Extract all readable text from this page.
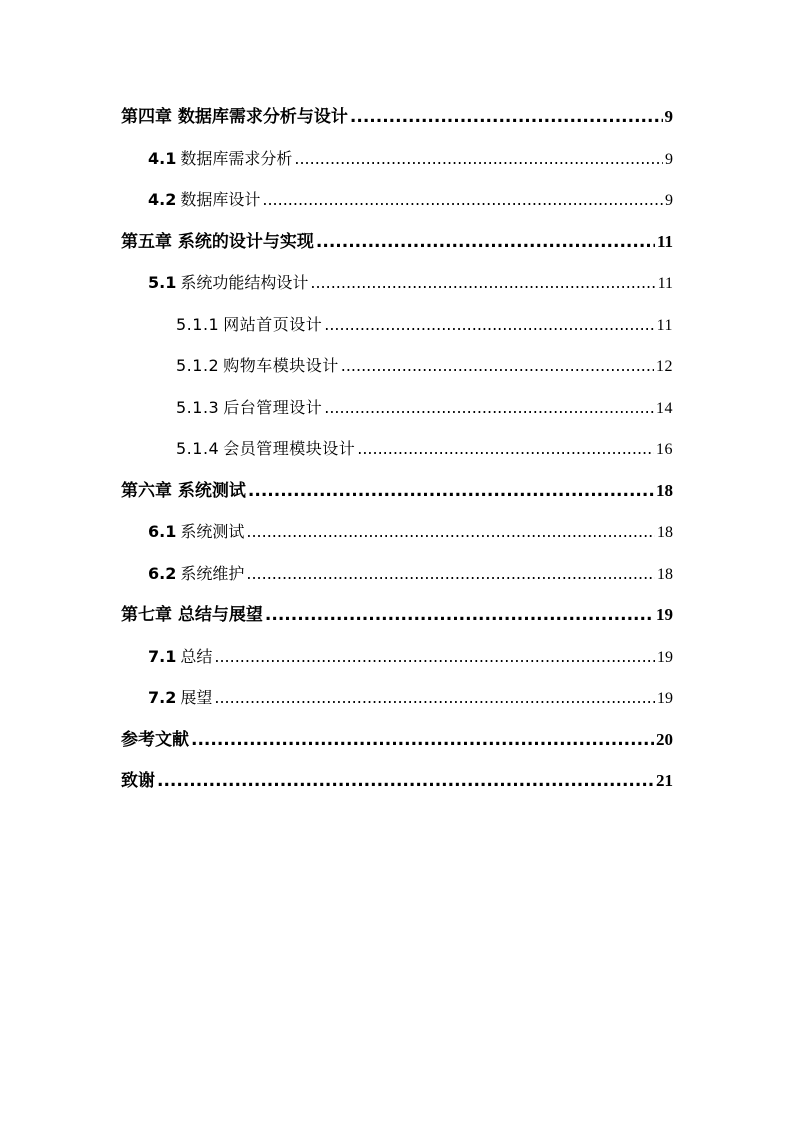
第四章 数据库需求分析与设计 .....	9
4.1 数据库需求分析 .....	9
4.2 数据库设计 .....	9
第五章 系统的设计与实现 .....	11
5.1 系统功能结构设计 .....	11
5.1.1 网站首页设计 .....	11
5.1.2 购物车模块设计 .....	12
5.1.3 后台管理设计 .....	14
5.1.4 会员管理模块设计 .....	16
第六章 系统测试 .....	18
6.1 系统测试 .....	18
6.2 系统维护 .....	18
第七章 总结与展望 .....	19
7.1 总结 .....	19
7.2 展望 .....	19
参考文献 .....	20
致谢 .....	21
